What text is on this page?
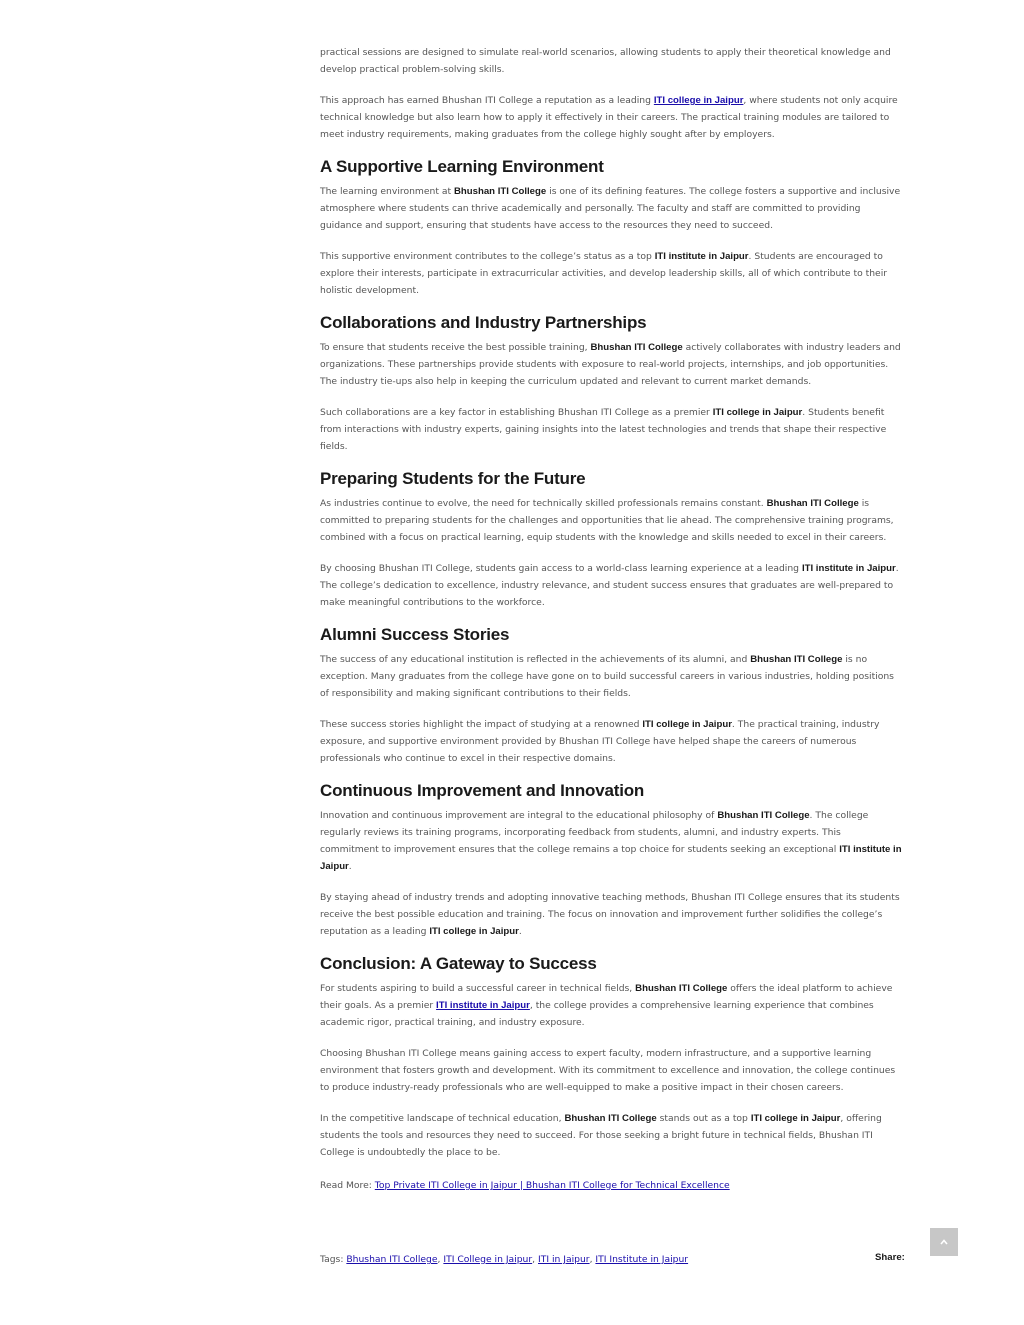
practical sessions are designed to simulate real-world scenarios, allowing students to apply their theoretical knowledge and develop practical problem-solving skills.

This approach has earned Bhushan ITI College a reputation as a leading ITI college in Jaipur, where students not only acquire technical knowledge but also learn how to apply it effectively in their careers. The practical training modules are tailored to meet industry requirements, making graduates from the college highly sought after by employers.

A Supportive Learning Environment

The learning environment at Bhushan ITI College is one of its defining features. The college fosters a supportive and inclusive atmosphere where students can thrive academically and personally. The faculty and staff are committed to providing guidance and support, ensuring that students have access to the resources they need to succeed.

This supportive environment contributes to the college’s status as a top ITI institute in Jaipur. Students are encouraged to explore their interests, participate in extracurricular activities, and develop leadership skills, all of which contribute to their holistic development.

Collaborations and Industry Partnerships

To ensure that students receive the best possible training, Bhushan ITI College actively collaborates with industry leaders and organizations. These partnerships provide students with exposure to real-world projects, internships, and job opportunities. The industry tie-ups also help in keeping the curriculum updated and relevant to current market demands.

Such collaborations are a key factor in establishing Bhushan ITI College as a premier ITI college in Jaipur. Students benefit from interactions with industry experts, gaining insights into the latest technologies and trends that shape their respective fields.

Preparing Students for the Future

As industries continue to evolve, the need for technically skilled professionals remains constant. Bhushan ITI College is committed to preparing students for the challenges and opportunities that lie ahead. The comprehensive training programs, combined with a focus on practical learning, equip students with the knowledge and skills needed to excel in their careers.

By choosing Bhushan ITI College, students gain access to a world-class learning experience at a leading ITI institute in Jaipur. The college’s dedication to excellence, industry relevance, and student success ensures that graduates are well-prepared to make meaningful contributions to the workforce.

Alumni Success Stories

The success of any educational institution is reflected in the achievements of its alumni, and Bhushan ITI College is no exception. Many graduates from the college have gone on to build successful careers in various industries, holding positions of responsibility and making significant contributions to their fields.

These success stories highlight the impact of studying at a renowned ITI college in Jaipur. The practical training, industry exposure, and supportive environment provided by Bhushan ITI College have helped shape the careers of numerous professionals who continue to excel in their respective domains.

Continuous Improvement and Innovation

Innovation and continuous improvement are integral to the educational philosophy of Bhushan ITI College. The college regularly reviews its training programs, incorporating feedback from students, alumni, and industry experts. This commitment to improvement ensures that the college remains a top choice for students seeking an exceptional ITI institute in Jaipur.

By staying ahead of industry trends and adopting innovative teaching methods, Bhushan ITI College ensures that its students receive the best possible education and training. The focus on innovation and improvement further solidifies the college’s reputation as a leading ITI college in Jaipur.

Conclusion: A Gateway to Success

For students aspiring to build a successful career in technical fields, Bhushan ITI College offers the ideal platform to achieve their goals. As a premier ITI institute in Jaipur, the college provides a comprehensive learning experience that combines academic rigor, practical training, and industry exposure.

Choosing Bhushan ITI College means gaining access to expert faculty, modern infrastructure, and a supportive learning environment that fosters growth and development. With its commitment to excellence and innovation, the college continues to produce industry-ready professionals who are well-equipped to make a positive impact in their chosen careers.

In the competitive landscape of technical education, Bhushan ITI College stands out as a top ITI college in Jaipur, offering students the tools and resources they need to succeed. For those seeking a bright future in technical fields, Bhushan ITI College is undoubtedly the place to be.

Read More: Top Private ITI College in Jaipur | Bhushan ITI College for Technical Excellence

Tags: Bhushan ITI College, ITI College in Jaipur, ITI in Jaipur, ITI Institute in Jaipur	Share:
